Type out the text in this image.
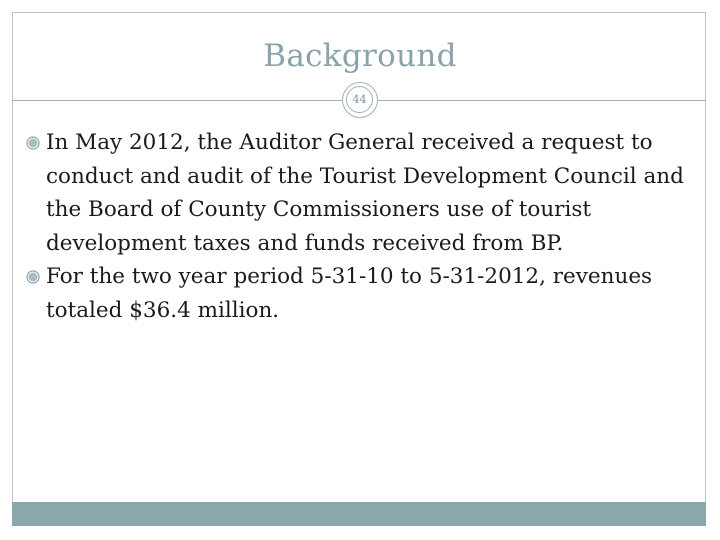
Background
44
In May 2012, the Auditor General received a request to conduct and audit of the Tourist Development Council and the Board of County Commissioners use of tourist development taxes and funds received from BP.
For the two year period 5-31-10 to 5-31-2012, revenues totaled $36.4 million.
